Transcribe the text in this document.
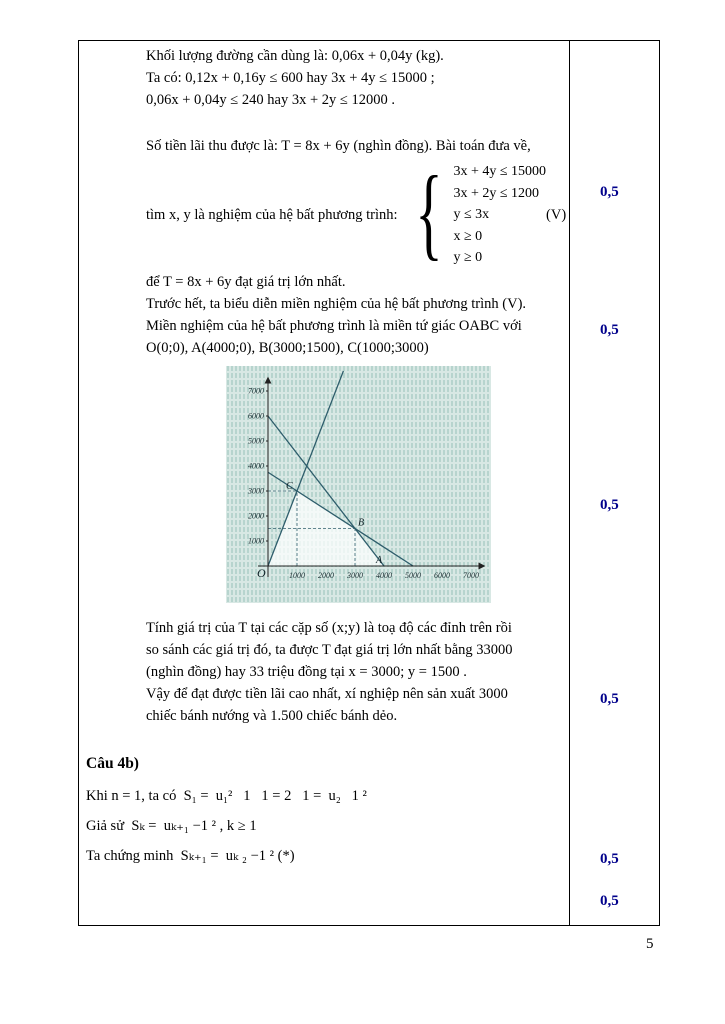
Khối lượng đường cần dùng là: 0,06x + 0,04y (kg).
Ta có: 0,12x + 0,16y ≤ 600 hay 3x + 4y ≤ 15000 ;
0,06x + 0,04y ≤ 240 hay 3x + 2y ≤ 12000 .
Số tiền lãi thu được là: T = 8x + 6y (nghìn đồng). Bài toán đưa về,
tìm x, y là nghiệm của hệ bất phương trình: { 3x + 4y ≤ 15000
3x + 2y ≤ 1200
y ≤ 3x
x ≥ 0
y ≥ 0
(V)
để T = 8x + 6y đạt giá trị lớn nhất.
Trước hết, ta biểu diễn miền nghiệm của hệ bất phương trình (V).
Miền nghiệm của hệ bất phương trình là miền tứ giác OABC với
O(0;0), A(4000;0), B(3000;1500), C(1000;3000)
1000 2000 3000 4000 5000 6000 7000
1000
2000
3000
4000
5000
6000
7000
O
A
B
C
Tính giá trị của T tại các cặp số (x;y) là toạ độ các đỉnh trên rồi
so sánh các giá trị đó, ta được T đạt giá trị lớn nhất bằng 33000
(nghìn đồng) hay 33 triệu đồng tại x = 3000; y = 1500 .
Vậy để đạt được tiền lãi cao nhất, xí nghiệp nên sản xuất 3000
chiếc bánh nướng và 1.500 chiếc bánh dẻo.
Câu 4b)
Khi n = 1, ta có  S₁ =  u₁²   1   1 = 2   1 =  u₂   1 ²
Giả sử  Sₖ =  uₖ₊₁ −1 ² , k ≥ 1
Ta chứng minh  Sₖ₊₁ =  uₖ ₂ −1 ² (*)
0,5
0,5
0,5
0,5
0,5
0,5
5
